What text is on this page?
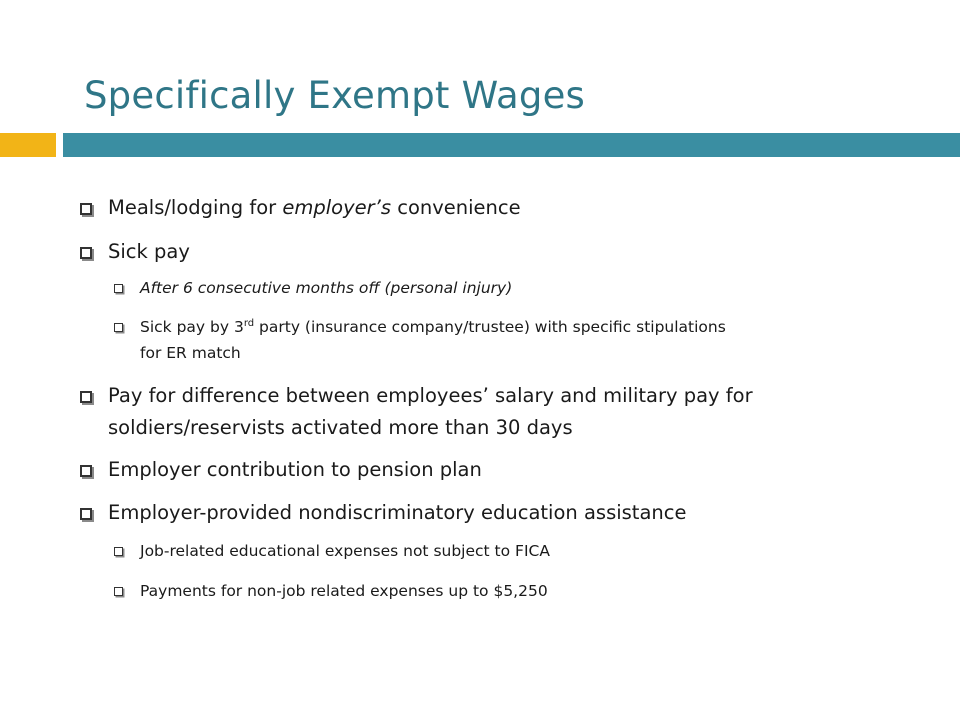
Specifically Exempt Wages
Meals/lodging for employer’s convenience
Sick pay
After 6 consecutive months off (personal injury)
Sick pay by 3rd party (insurance company/trustee) with specific stipulations
for ER match
Pay for difference between employees’ salary and military pay for
soldiers/reservists activated more than 30 days
Employer contribution to pension plan
Employer-provided nondiscriminatory education assistance
Job-related educational expenses not subject to FICA
Payments for non-job related expenses up to $5,250
